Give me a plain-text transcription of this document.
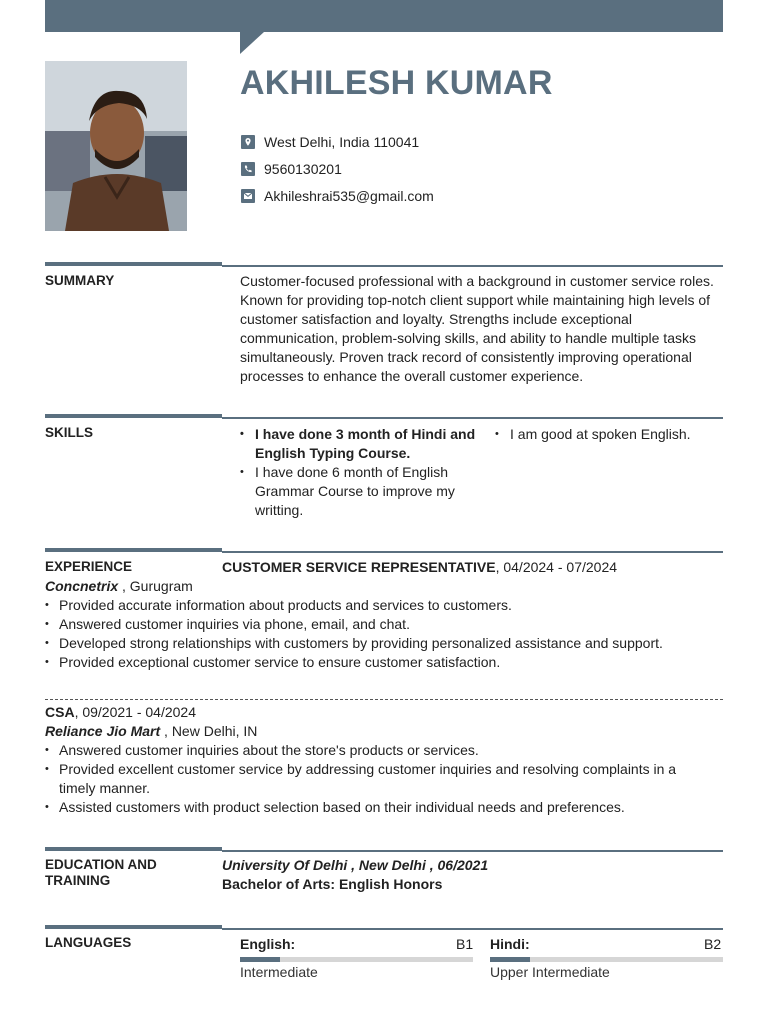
AKHILESH KUMAR
West Delhi, India 110041
9560130201
Akhileshrai535@gmail.com
SUMMARY	Customer-focused professional with a background in customer service roles. Known for providing top-notch client support while maintaining high levels of customer satisfaction and loyalty. Strengths include exceptional communication, problem-solving skills, and ability to handle multiple tasks simultaneously. Proven track record of consistently improving operational processes to enhance the overall customer experience.

SKILLS
•	I have done 3 month of Hindi and English Typing Course.
• I have done 6 month of English Grammar Course to improve my writting.
• I am good at spoken English.
EXPERIENCE	CUSTOMER SERVICE REPRESENTATIVE, 04/2024 - 07/2024
Concnetrix , Gurugram
• Provided accurate information about products and services to customers.
• Answered customer inquiries via phone, email, and chat.
• Developed strong relationships with customers by providing personalized assistance and support.
• Provided exceptional customer service to ensure customer satisfaction.
CSA, 09/2021 - 04/2024
Reliance Jio Mart , New Delhi, IN
• Answered customer inquiries about the store's products or services.
• Provided excellent customer service by addressing customer inquiries and resolving complaints in a timely manner.
• Assisted customers with product selection based on their individual needs and preferences.
EDUCATION AND
TRAINING
University Of Delhi , New Delhi , 06/2021
Bachelor of Arts: English Honors
LANGUAGES	English:	B1
Intermediate
Hindi:	B2
Upper Intermediate
